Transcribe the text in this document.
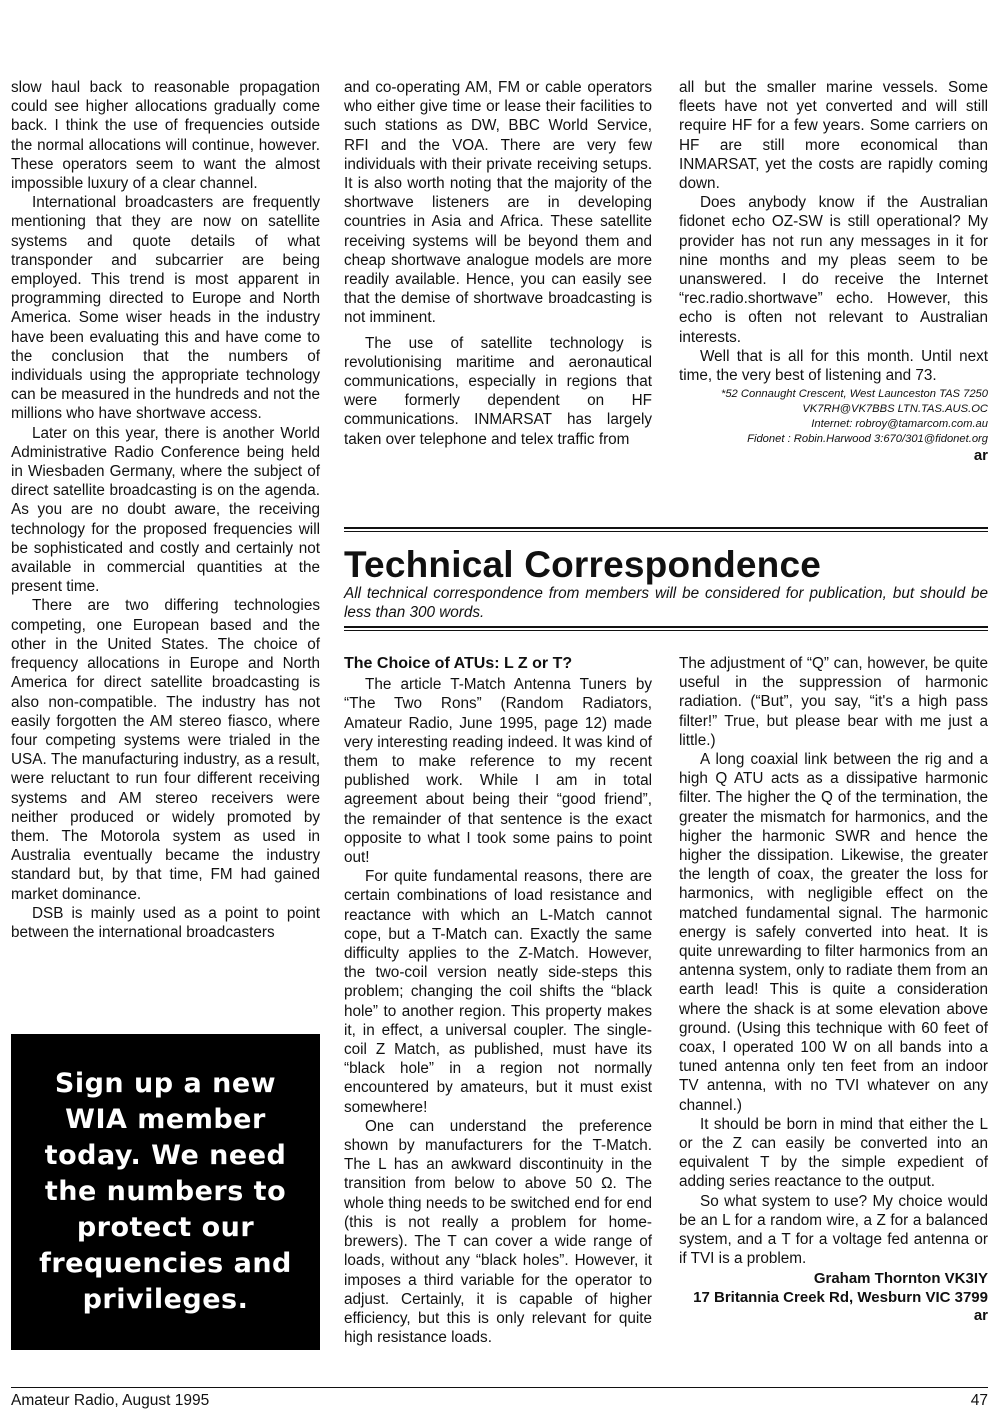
slow haul back to reasonable propagation could see higher allocations gradually come back. I think the use of frequencies outside the normal allocations will continue, however. These operators seem to want the almost impossible luxury of a clear channel.

International broadcasters are frequently mentioning that they are now on satellite systems and quote details of what transponder and subcarrier are being employed. This trend is most apparent in programming directed to Europe and North America. Some wiser heads in the industry have been evaluating this and have come to the conclusion that the numbers of individuals using the appropriate technology can be measured in the hundreds and not the millions who have shortwave access.

Later on this year, there is another World Administrative Radio Conference being held in Wiesbaden Germany, where the subject of direct satellite broadcasting is on the agenda. As you are no doubt aware, the receiving technology for the proposed frequencies will be sophisticated and costly and certainly not available in commercial quantities at the present time.

There are two differing technologies competing, one European based and the other in the United States. The choice of frequency allocations in Europe and North America for direct satellite broadcasting is also non-compatible. The industry has not easily forgotten the AM stereo fiasco, where four competing systems were trialed in the USA. The manufacturing industry, as a result, were reluctant to run four different receiving systems and AM stereo receivers were neither produced or widely promoted by them. The Motorola system as used in Australia eventually became the industry standard but, by that time, FM had gained market dominance.

DSB is mainly used as a point to point between the international broadcasters

and co-operating AM, FM or cable operators who either give time or lease their facilities to such stations as DW, BBC World Service, RFI and the VOA. There are very few individuals with their private receiving setups. It is also worth noting that the majority of the shortwave listeners are in developing countries in Asia and Africa. These satellite receiving systems will be beyond them and cheap shortwave analogue models are more readily available. Hence, you can easily see that the demise of shortwave broadcasting is not imminent.

The use of satellite technology is revolutionising maritime and aeronautical communications, especially in regions that were formerly dependent on HF communications. INMARSAT has largely taken over telephone and telex traffic from

all but the smaller marine vessels. Some fleets have not yet converted and will still require HF for a few years. Some carriers on HF are still more economical than INMARSAT, yet the costs are rapidly coming down.

Does anybody know if the Australian fidonet echo OZ-SW is still operational? My provider has not run any messages in it for nine months and my pleas seem to be unanswered. I do receive the Internet “rec.radio.shortwave” echo. However, this echo is often not relevant to Australian interests.

Well that is all for this month. Until next time, the very best of listening and 73.

*52 Connaught Crescent, West Launceston TAS 7250
VK7RH@VK7BBS LTN.TAS.AUS.OC
Internet: robroy@tamarcom.com.au
Fidonet : Robin.Harwood 3:670/301@fidonet.org
ar
Technical Correspondence

All technical correspondence from members will be considered for publication, but should be less than 300 words.

The Choice of ATUs: L Z or T?

The article T-Match Antenna Tuners by “The Two Rons” (Random Radiators, Amateur Radio, June 1995, page 12) made very interesting reading indeed. It was kind of them to make reference to my recent published work. While I am in total agreement about being their “good friend”, the remainder of that sentence is the exact opposite to what I took some pains to point out!

For quite fundamental reasons, there are certain combinations of load resistance and reactance with which an L-Match cannot cope, but a T-Match can. Exactly the same difficulty applies to the Z-Match. However, the two-coil version neatly side-steps this problem; changing the coil shifts the “black hole” to another region. This property makes it, in effect, a universal coupler. The single-coil Z Match, as published, must have its “black hole” in a region not normally encountered by amateurs, but it must exist somewhere!

One can understand the preference shown by manufacturers for the T-Match. The L has an awkward discontinuity in the transition from below to above 50 Ω. The whole thing needs to be switched end for end (this is not really a problem for home-brewers). The T can cover a wide range of loads, without any “black holes”. However, it imposes a third variable for the operator to adjust. Certainly, it is capable of higher efficiency, but this is only relevant for quite high resistance loads.

The adjustment of “Q” can, however, be quite useful in the suppression of harmonic radiation. (“But”, you say, “it's a high pass filter!” True, but please bear with me just a little.)

A long coaxial link between the rig and a high Q ATU acts as a dissipative harmonic filter. The higher the Q of the termination, the greater the mismatch for harmonics, and the higher the harmonic SWR and hence the higher the dissipation. Likewise, the greater the length of coax, the greater the loss for harmonics, with negligible effect on the matched fundamental signal. The harmonic energy is safely converted into heat. It is quite unrewarding to filter harmonics from an antenna system, only to radiate them from an earth lead! This is quite a consideration where the shack is at some elevation above ground. (Using this technique with 60 feet of coax, I operated 100 W on all bands into a tuned antenna only ten feet from an indoor TV antenna, with no TVI whatever on any channel.)

It should be born in mind that either the L or the Z can easily be converted into an equivalent T by the simple expedient of adding series reactance to the output.

So what system to use? My choice would be an L for a random wire, a Z for a balanced system, and a T for a voltage fed antenna or if TVI is a problem.

Graham Thornton VK3IY
17 Britannia Creek Rd, Wesburn VIC 3799
ar
Sign up a new WIA member today. We need the numbers to protect our frequencies and privileges.
Amateur Radio, August 1995	47
